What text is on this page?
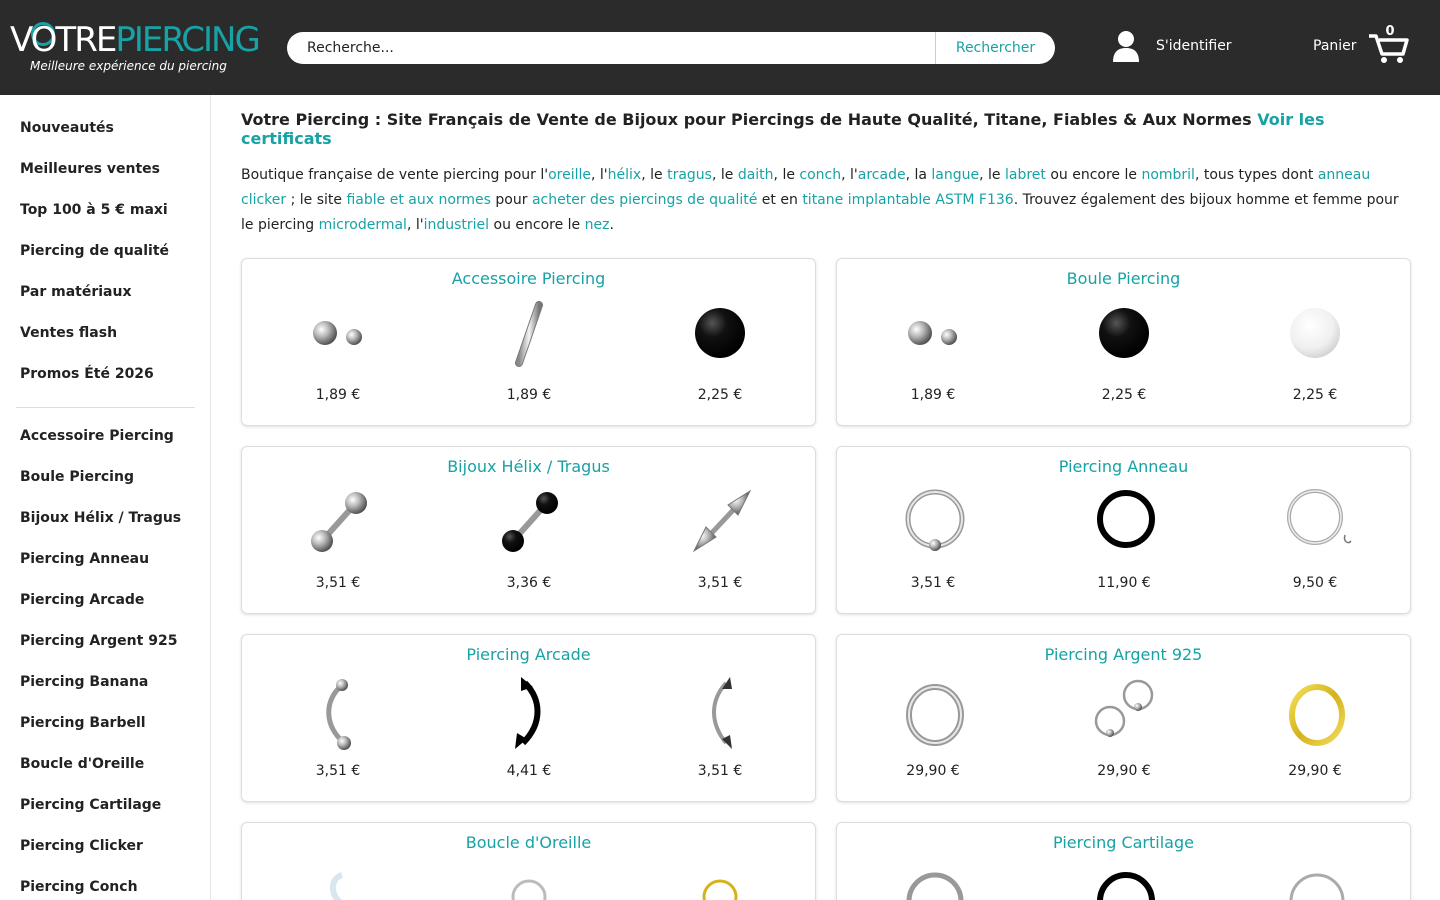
VOTREPIERCING
Meilleure expérience du piercing
Recherche...
Rechercher	S'identifier	Panier
0
Nouveautés
Meilleures ventes
Top 100 à 5 € maxi
Piercing de qualité
Par matériaux
Ventes flash
Promos Été 2026
Accessoire Piercing
Boule Piercing
Bijoux Hélix / Tragus
Piercing Anneau
Piercing Arcade
Piercing Argent 925
Piercing Banana
Piercing Barbell
Boucle d'Oreille
Piercing Cartilage
Piercing Clicker
Piercing Conch
Votre Piercing : Site Français de Vente de Bijoux pour Piercings de Haute Qualité, Titane, Fiables & Aux Normes Voir les certificats

Boutique française de vente piercing pour l'oreille, l'hélix, le tragus, le daith, le conch, l'arcade, la langue, le labret ou encore le nombril, tous types dont anneau clicker ; le site fiable et aux normes pour acheter des piercings de qualité et en titane implantable ASTM F136. Trouvez également des bijoux homme et femme pour le piercing microdermal, l'industriel ou encore le nez.

Accessoire Piercing
1,89 €	1,89 €	2,25 €
Boule Piercing
1,89 €	2,25 €	2,25 €
Bijoux Hélix / Tragus
3,51 €	3,36 €	3,51 €
Piercing Anneau
3,51 €	11,90 €	9,50 €
Piercing Arcade
3,51 €	4,41 €	3,51 €
Piercing Argent 925
29,90 €	29,90 €	29,90 €
Boucle d'Oreille	Piercing Cartilage
